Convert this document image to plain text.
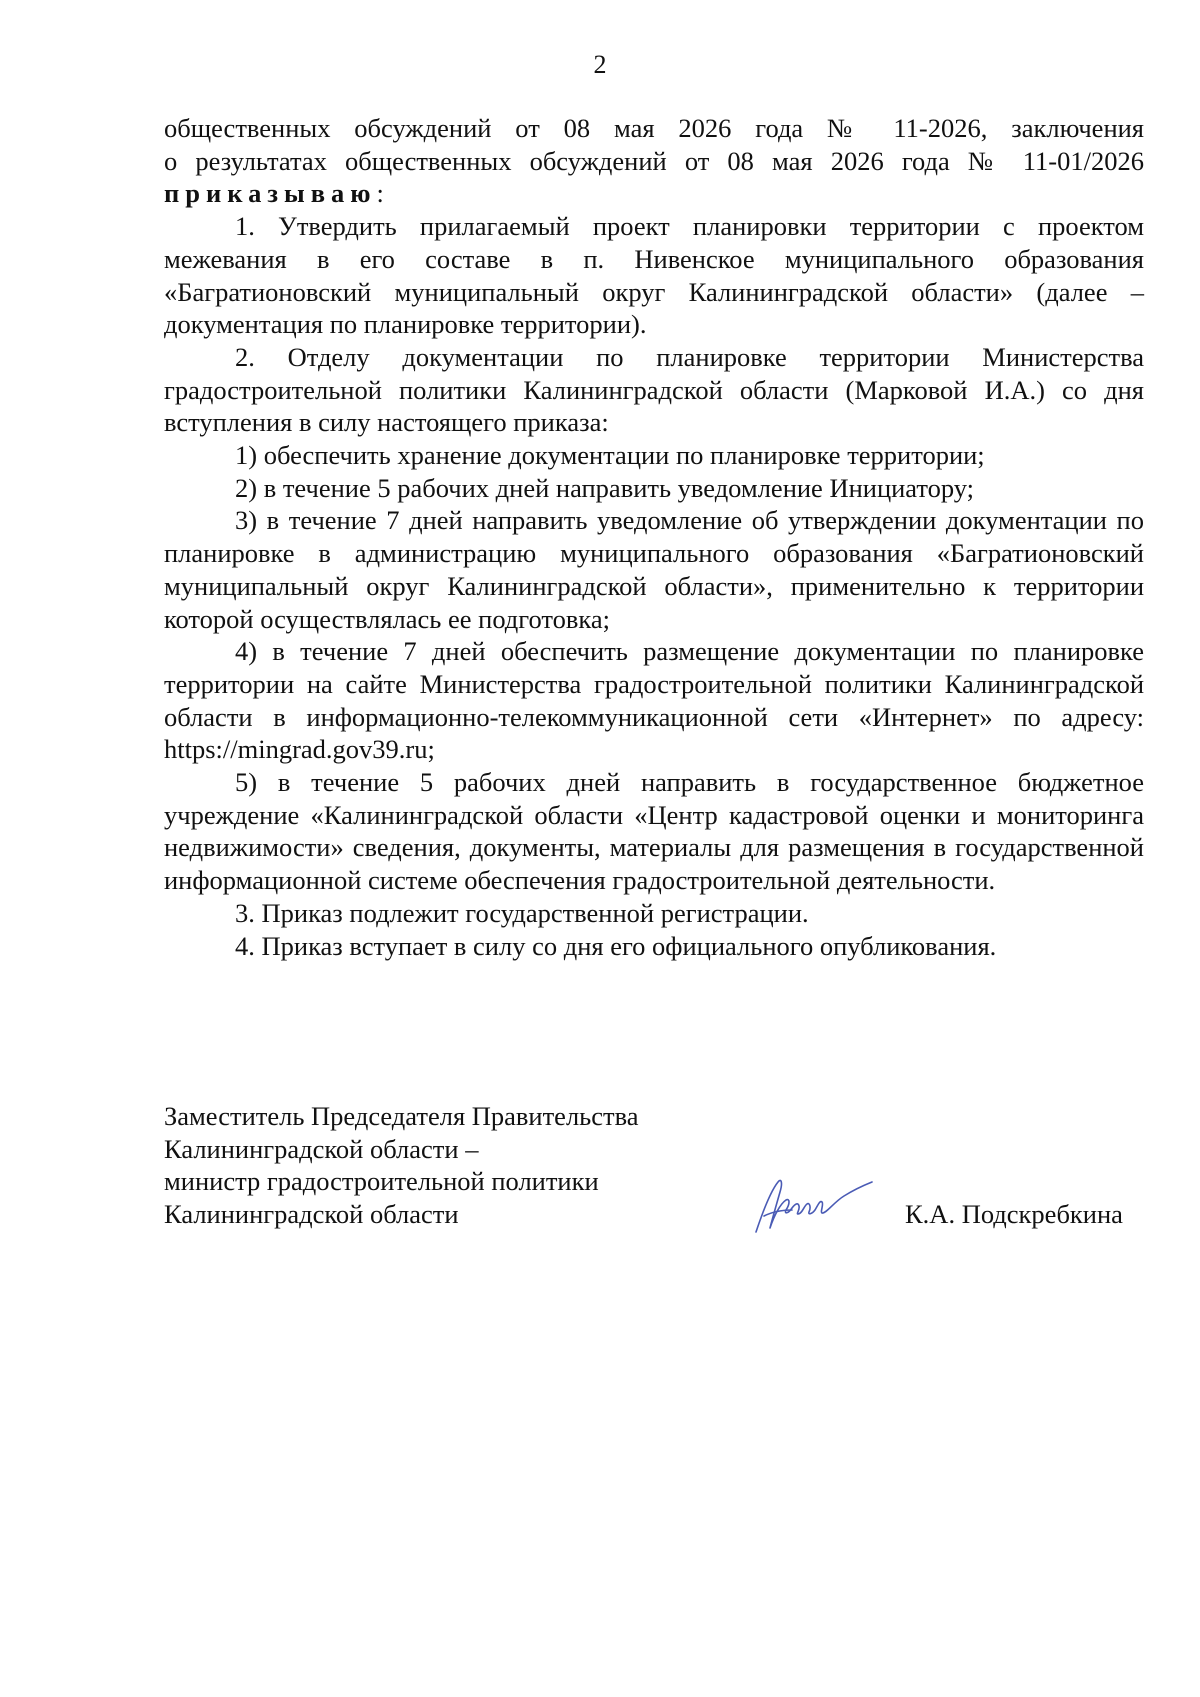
2

общественных обсуждений от 08 мая 2026 года № 11-2026, заключения

о результатах общественных обсуждений от 08 мая 2026 года № 11-01/2026

приказываю:

1. Утвердить прилагаемый проект планировки территории с проектом межевания в его составе в п. Нивенское муниципального образования «Багратионовский муниципальный округ Калининградской области» (далее – документация по планировке территории).

2. Отделу документации по планировке территории Министерства градостроительной политики Калининградской области (Марковой И.А.) со дня вступления в силу настоящего приказа:

1) обеспечить хранение документации по планировке территории;

2) в течение 5 рабочих дней направить уведомление Инициатору;

3) в течение 7 дней направить уведомление об утверждении документации по планировке в администрацию муниципального образования «Багратионовский муниципальный округ Калининградской области», применительно к территории которой осуществлялась ее подготовка;

4) в течение 7 дней обеспечить размещение документации по планировке территории на сайте Министерства градостроительной политики Калининградской области в информационно-телекоммуникационной сети «Интернет» по адресу: https://mingrad.gov39.ru;

5) в течение 5 рабочих дней направить в государственное бюджетное учреждение «Калининградской области «Центр кадастровой оценки и мониторинга недвижимости» сведения, документы, материалы для размещения в государственной информационной системе обеспечения градостроительной деятельности.

3. Приказ подлежит государственной регистрации.

4. Приказ вступает в силу со дня его официального опубликования.

Заместитель Председателя Правительства
Калининградской области –
министр градостроительной политики
Калининградской области	К.А. Подскребкина
